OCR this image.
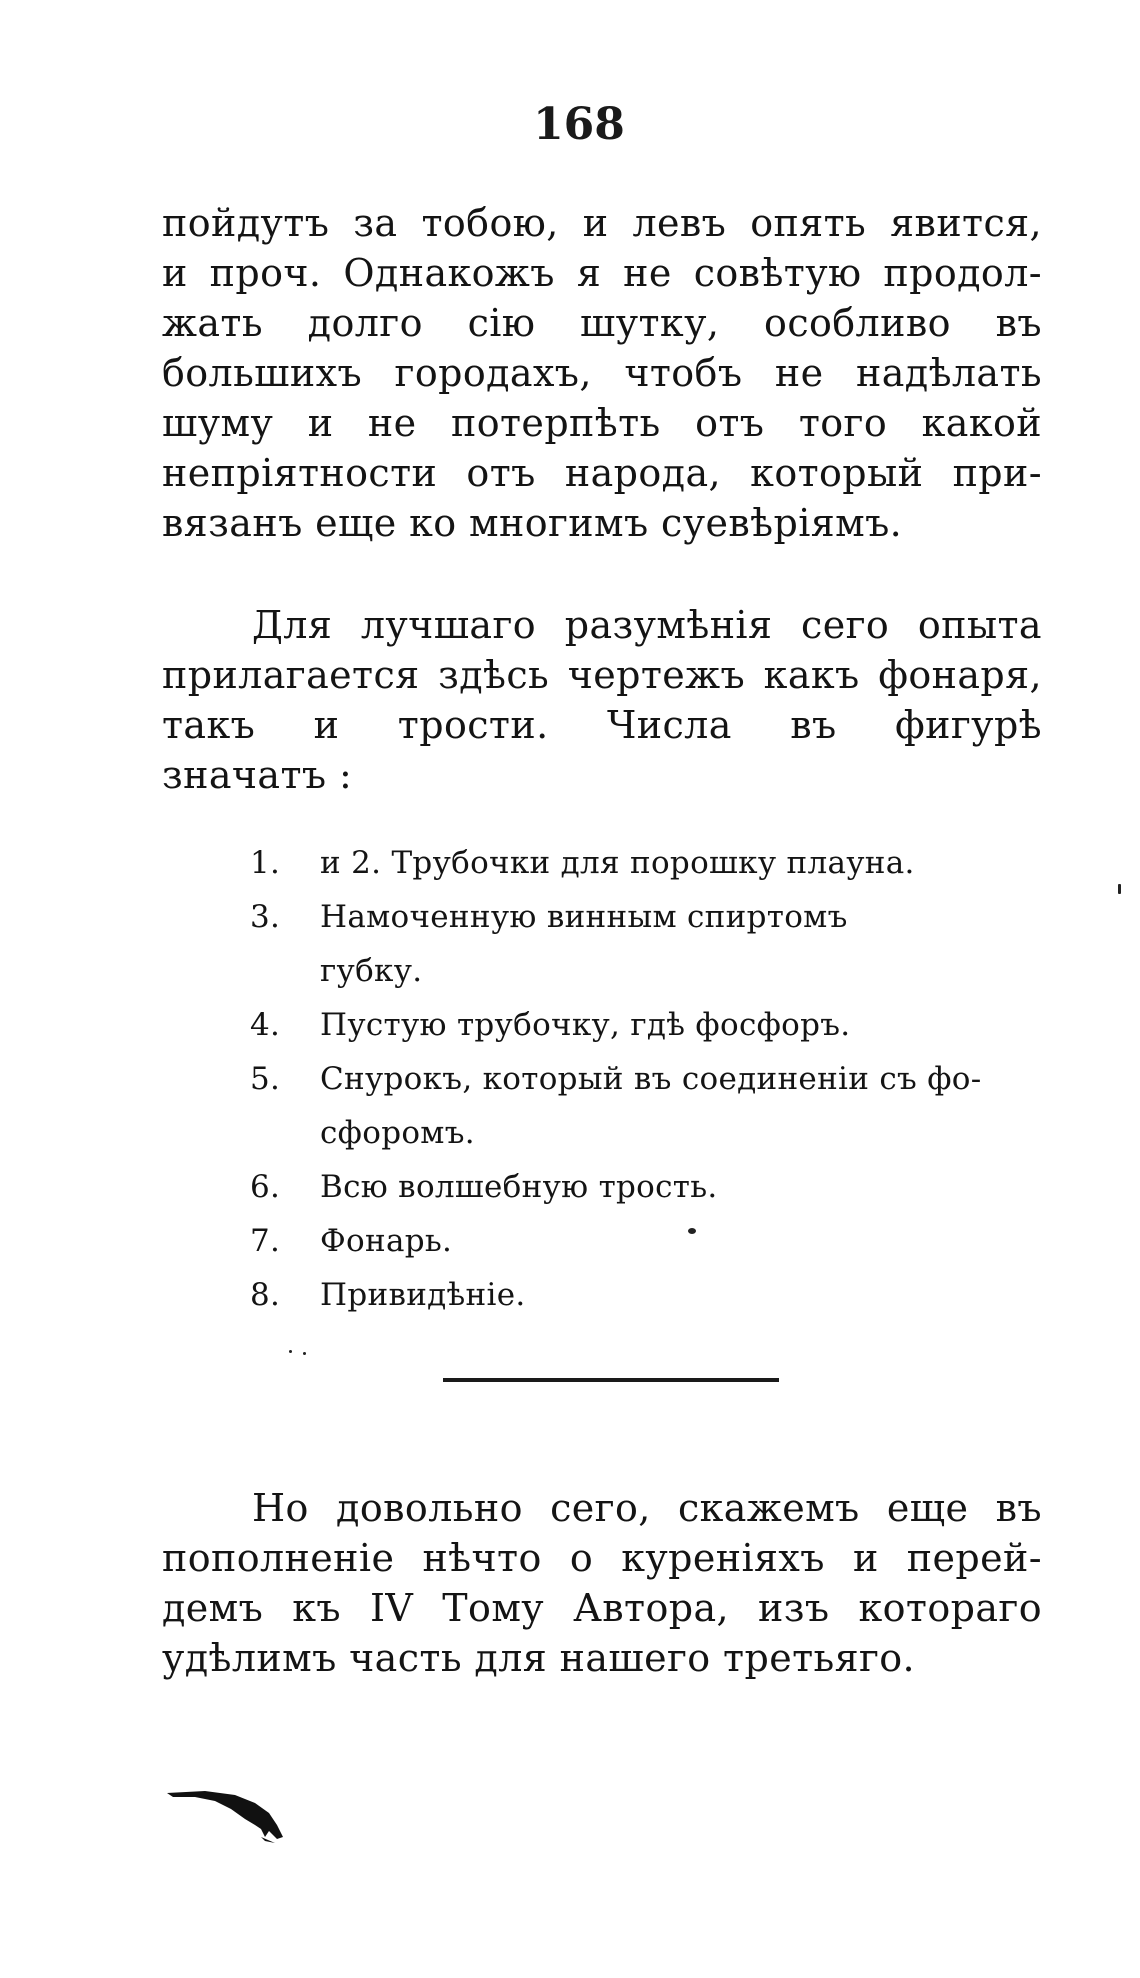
168
пойдутъ за тобою, и левъ опять явится,
и проч. Однакожъ я не совѣтую продол-
жать долго сію шутку, особливо въ
большихъ городахъ, чтобъ не надѣлать
шуму и не потерпѣть отъ того какой
непріятности отъ народа, который при-
вязанъ еще ко многимъ суевѣріямъ.
Для лучшаго разумѣнія сего опыта
прилагается здѣсь чертежъ какъ фонаря,
такъ и трости. Числа въ фигурѣ
значатъ :
1.	и 2. Трубочки для порошку плауна.
3.	Намоченную винным спиртомъ
губку.
4.	Пустую трубочку, гдѣ фосфоръ.
5.	Снурокъ, который въ соединеніи съ фо-
сфоромъ.
6.	Всю волшебную трость.
7.	Фонарь.
8.	Привидѣніе.
Но довольно сего, скажемъ еще въ
пополненіе нѣчто о куреніяхъ и перей-
демъ къ IV Тому Автора, изъ котораго
удѣлимъ часть для нашего третьяго.
